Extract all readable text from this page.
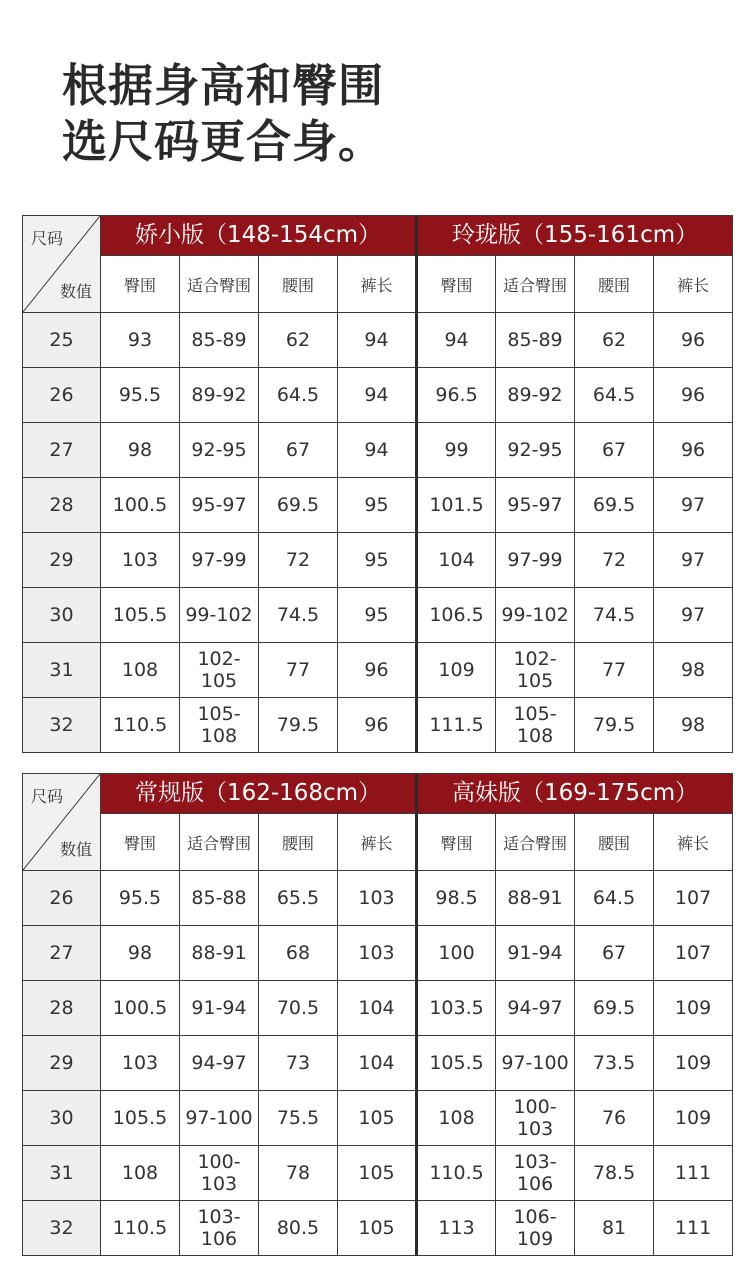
根据身高和臀围
选尺码更合身。
尺码
数值	娇小版（148-154cm）				玲珑版（155-161cm）			
	臀围	适合臀围	腰围	裤长	臀围	适合臀围	腰围	裤长
25	93	85-89	62	94	94	85-89	62	96
26	95.5	89-92	64.5	94	96.5	89-92	64.5	96
27	98	92-95	67	94	99	92-95	67	96
28	100.5	95-97	69.5	95	101.5	95-97	69.5	97
29	103	97-99	72	95	104	97-99	72	97
30	105.5	99-102	74.5	95	106.5	99-102	74.5	97
31	108	102-105	77	96	109	102-105	77	98
32	110.5	105-108	79.5	96	111.5	105-108	79.5	98
尺码
数值	常规版（162-168cm）				高妹版（169-175cm）			
	臀围	适合臀围	腰围	裤长	臀围	适合臀围	腰围	裤长
26	95.5	85-88	65.5	103	98.5	88-91	64.5	107
27	98	88-91	68	103	100	91-94	67	107
28	100.5	91-94	70.5	104	103.5	94-97	69.5	109
29	103	94-97	73	104	105.5	97-100	73.5	109
30	105.5	97-100	75.5	105	108	100-103	76	109
31	108	100-103	78	105	110.5	103-106	78.5	111
32	110.5	103-106	80.5	105	113	106-109	81	111
